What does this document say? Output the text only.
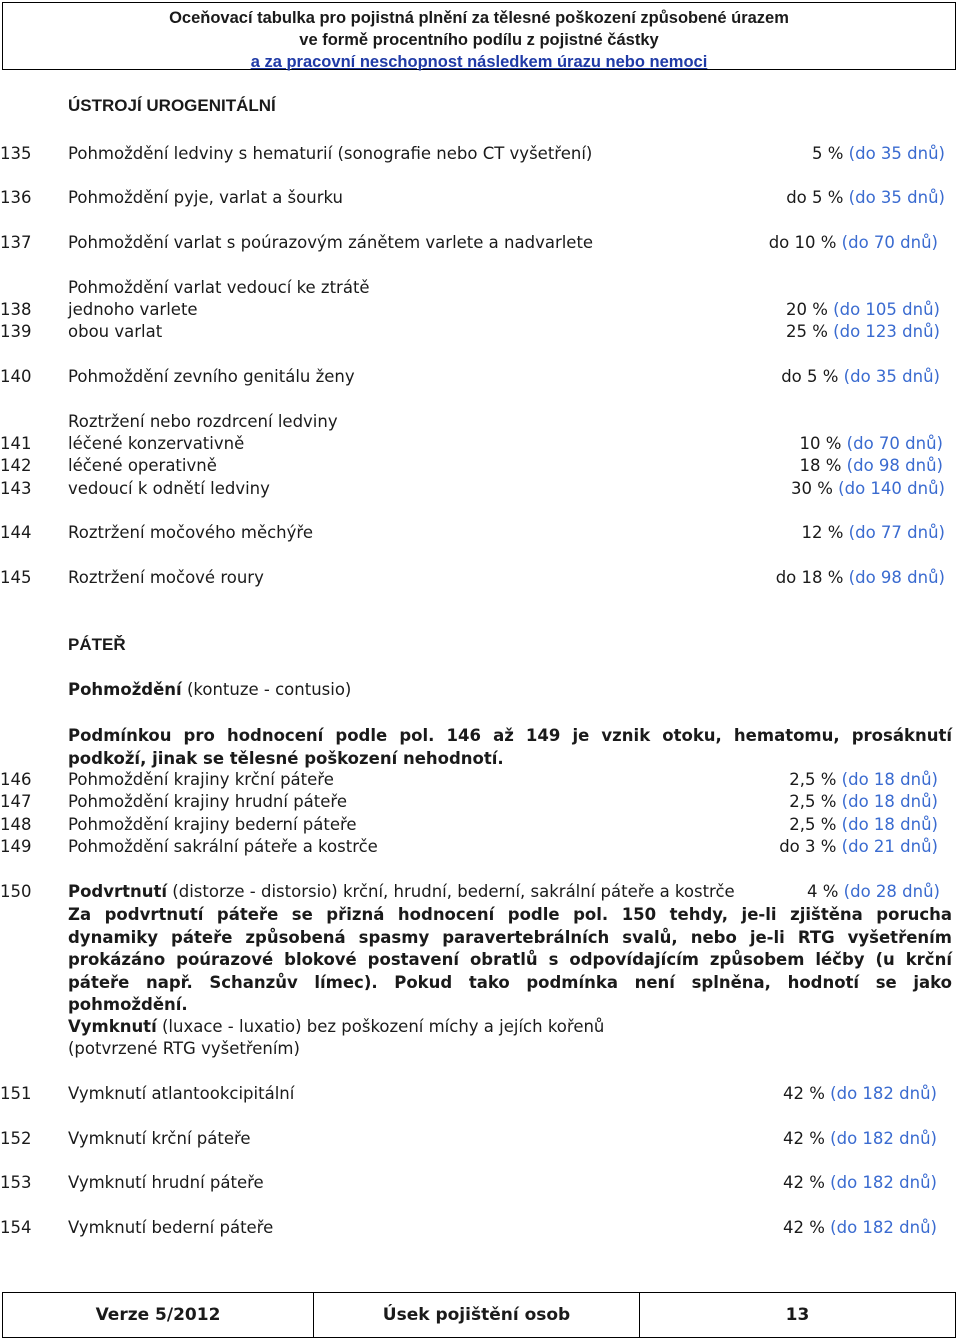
Oceňovací tabulka pro pojistná plnění za tělesné poškození způsobené úrazem
ve formě procentního podílu z pojistné částky
a za pracovní neschopnost následkem úrazu nebo nemoci
ÚSTROJÍ UROGENITÁLNÍ
135	Pohmoždění ledviny s hematurií (sonografie nebo CT vyšetření)	5 % (do 35 dnů)
136	Pohmoždění pyje, varlat a šourku	do 5 % (do 35 dnů)
137	Pohmoždění varlat s poúrazovým zánětem varlete a nadvarlete	do 10 % (do 70 dnů)
Pohmoždění varlat vedoucí ke ztrátě
138	jednoho varlete	20 % (do 105 dnů)
139	obou varlat	25 % (do 123 dnů)
140	Pohmoždění zevního genitálu ženy	do 5 % (do 35 dnů)
Roztržení nebo rozdrcení ledviny
141	léčené konzervativně	10 % (do 70 dnů)
142	léčené operativně	18 % (do 98 dnů)
143	vedoucí k odnětí ledviny	30 % (do 140 dnů)
144	Roztržení močového měchýře	12 % (do 77 dnů)
145	Roztržení močové roury	do 18 % (do 98 dnů)
PÁTEŘ
Pohmoždění (kontuze - contusio)
Podmínkou pro hodnocení podle pol. 146 až 149 je vznik otoku, hematomu, prosáknutí podkoží, jinak se tělesné poškození nehodnotí.
146	Pohmoždění krajiny krční páteře	2,5 % (do 18 dnů)
147	Pohmoždění krajiny hrudní páteře	2,5 % (do 18 dnů)
148	Pohmoždění krajiny bederní páteře	2,5 % (do 18 dnů)
149	Pohmoždění sakrální páteře a kostrče	do 3 % (do 21 dnů)
150	Podvrtnutí (distorze - distorsio) krční, hrudní, bederní, sakrální páteře a kostrče	4 % (do 28 dnů)
Za podvrtnutí páteře se přizná hodnocení podle pol. 150 tehdy, je-li zjištěna porucha dynamiky páteře způsobená spasmy paravertebrálních svalů, nebo je-li RTG vyšetřením prokázáno poúrazové blokové postavení obratlů s odpovídajícím způsobem léčby (u krční páteře např. Schanzův límec). Pokud tako podmínka není splněna, hodnotí se jako pohmoždění.
Vymknutí (luxace - luxatio) bez poškození míchy a jejích kořenů
(potvrzené RTG vyšetřením)
151	Vymknutí atlantookcipitální	42 % (do 182 dnů)
152	Vymknutí krční páteře	42 % (do 182 dnů)
153	Vymknutí hrudní páteře	42 % (do 182 dnů)
154	Vymknutí bederní páteře	42 % (do 182 dnů)
Verze 5/2012	Úsek pojištění osob	13
